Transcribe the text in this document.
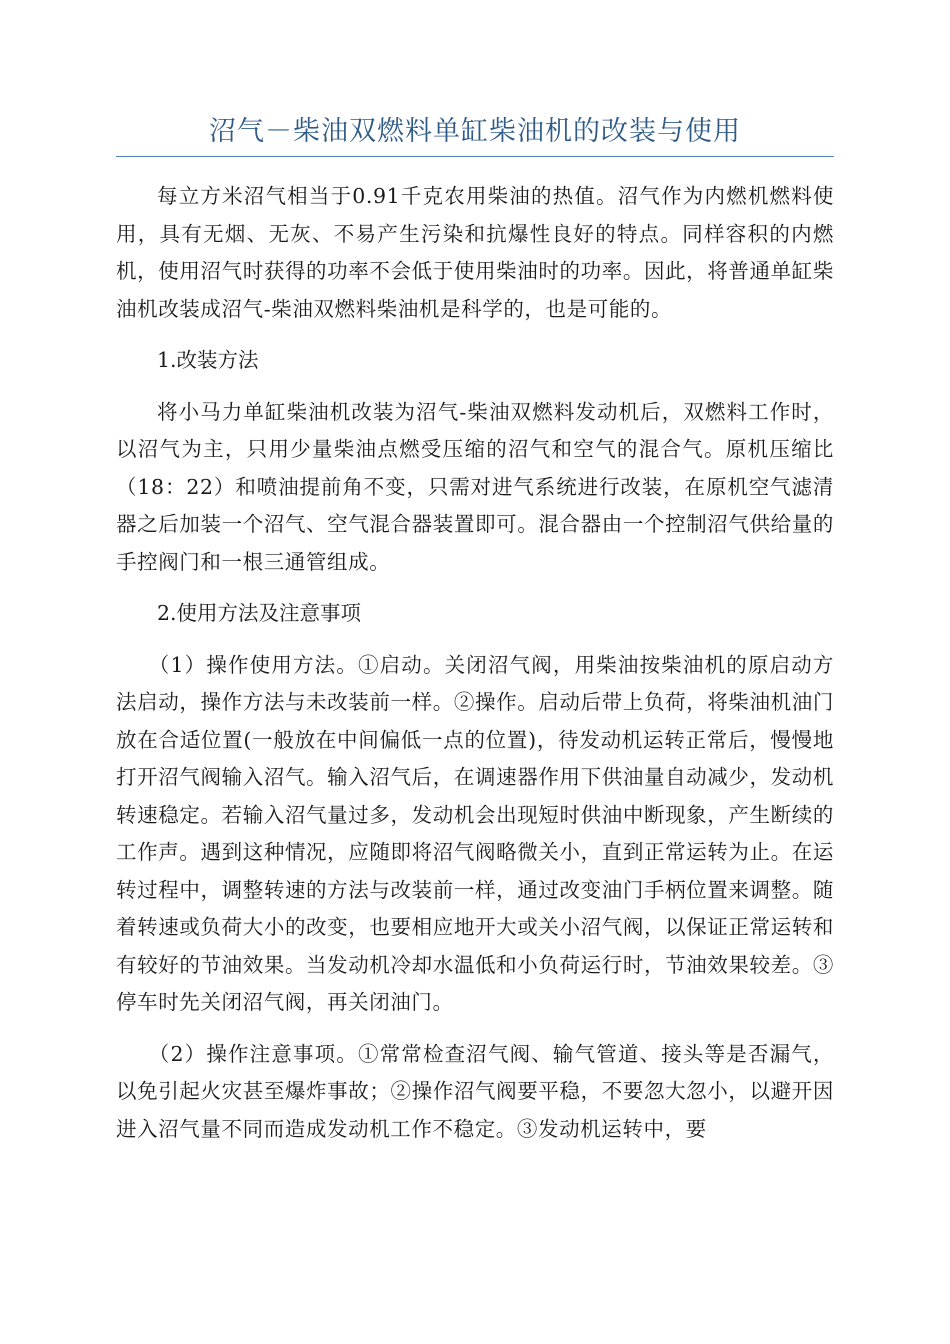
沼气－柴油双燃料单缸柴油机的改装与使用

每立方米沼气相当于0.91千克农用柴油的热值。沼气作为内燃机燃料使用，具有无烟、无灰、不易产生污染和抗爆性良好的特点。同样容积的内燃机，使用沼气时获得的功率不会低于使用柴油时的功率。因此，将普通单缸柴油机改装成沼气-柴油双燃料柴油机是科学的，也是可能的。

1.改装方法

将小马力单缸柴油机改装为沼气-柴油双燃料发动机后，双燃料工作时，以沼气为主，只用少量柴油点燃受压缩的沼气和空气的混合气。原机压缩比（18：22）和喷油提前角不变，只需对进气系统进行改装，在原机空气滤清器之后加装一个沼气、空气混合器装置即可。混合器由一个控制沼气供给量的手控阀门和一根三通管组成。

2.使用方法及注意事项

（1）操作使用方法。①启动。关闭沼气阀，用柴油按柴油机的原启动方法启动，操作方法与未改装前一样。②操作。启动后带上负荷，将柴油机油门放在合适位置(一般放在中间偏低一点的位置)，待发动机运转正常后，慢慢地打开沼气阀输入沼气。输入沼气后，在调速器作用下供油量自动减少，发动机转速稳定。若输入沼气量过多，发动机会出现短时供油中断现象，产生断续的工作声。遇到这种情况，应随即将沼气阀略微关小，直到正常运转为止。在运转过程中，调整转速的方法与改装前一样，通过改变油门手柄位置来调整。随着转速或负荷大小的改变，也要相应地开大或关小沼气阀，以保证正常运转和有较好的节油效果。当发动机冷却水温低和小负荷运行时，节油效果较差。③停车时先关闭沼气阀，再关闭油门。

（2）操作注意事项。①常常检查沼气阀、输气管道、接头等是否漏气，以免引起火灾甚至爆炸事故；②操作沼气阀要平稳，不要忽大忽小，以避开因进入沼气量不同而造成发动机工作不稳定。③发动机运转中，要
